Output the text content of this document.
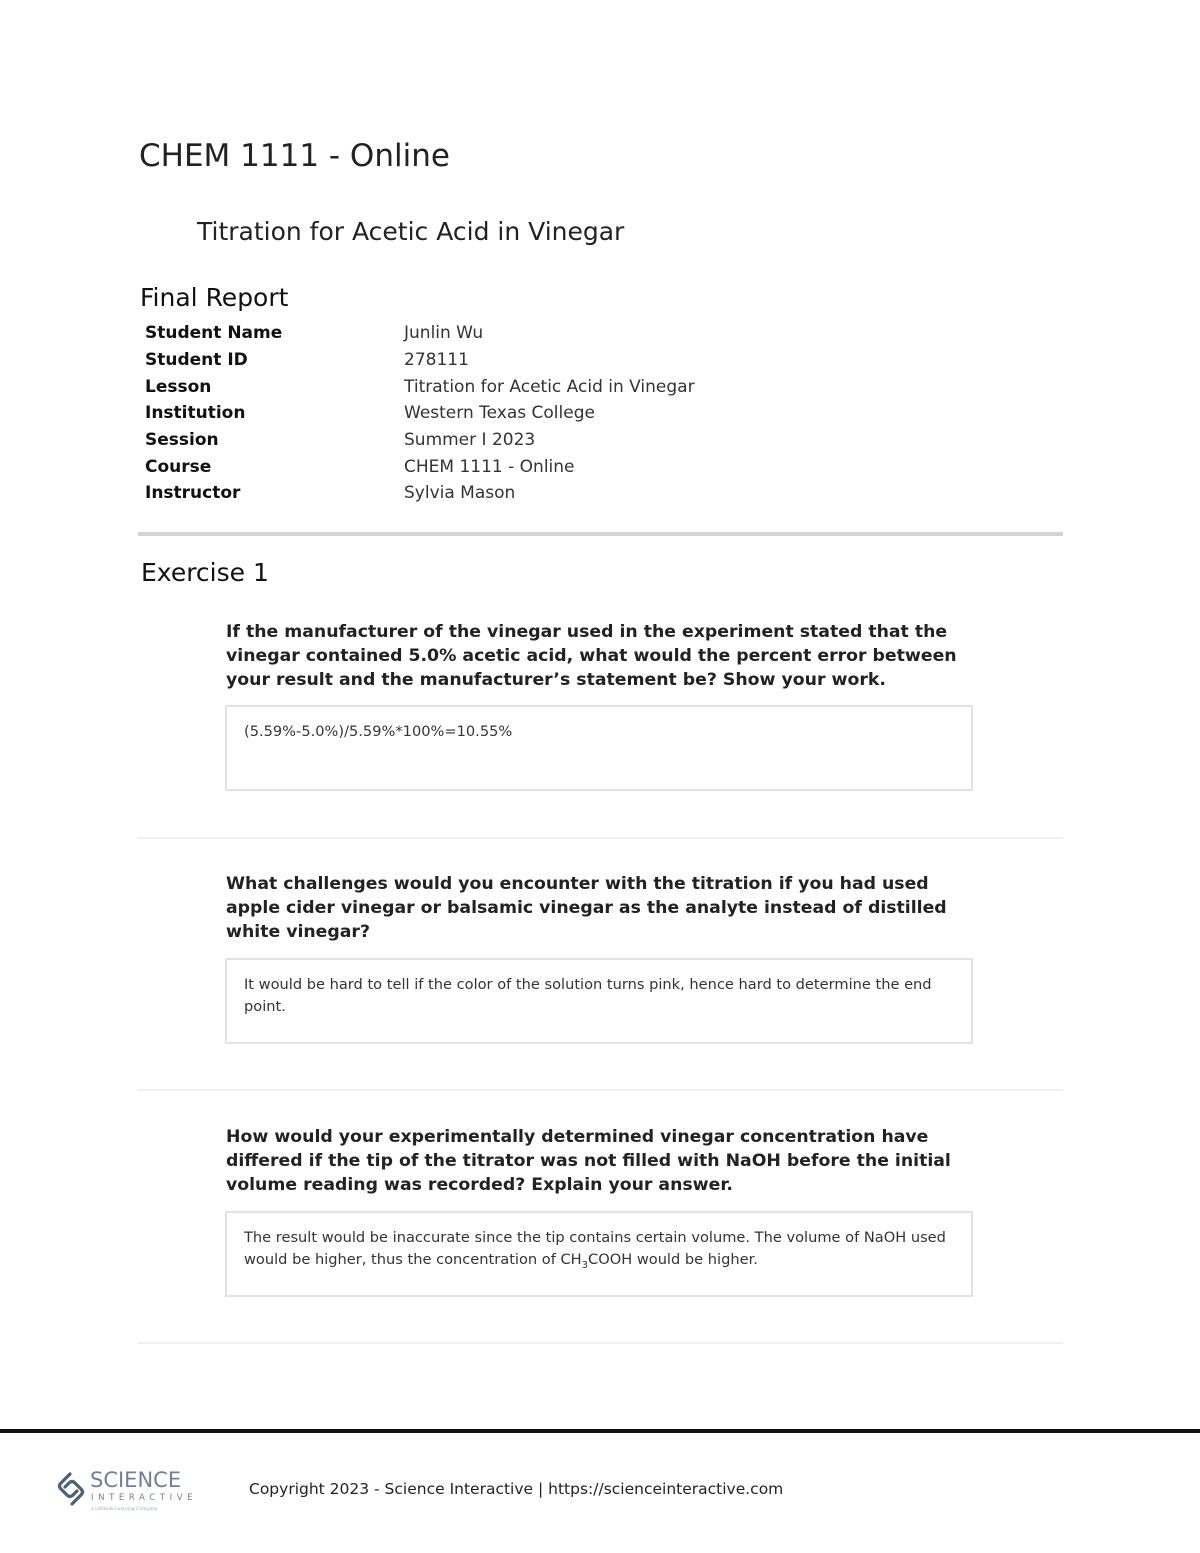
CHEM 1111 - Online
Titration for Acetic Acid in Vinegar
Final Report
Student Name	Junlin Wu
Student ID	278111
Lesson	Titration for Acetic Acid in Vinegar
Institution	Western Texas College
Session	Summer I 2023
Course	CHEM 1111 - Online
Instructor	Sylvia Mason
Exercise 1
If the manufacturer of the vinegar used in the experiment stated that the vinegar contained 5.0% acetic acid, what would the percent error between your result and the manufacturer’s statement be? Show your work.
(5.59%-5.0%)/5.59%*100%=10.55%
What challenges would you encounter with the titration if you had used apple cider vinegar or balsamic vinegar as the analyte instead of distilled white vinegar?
It would be hard to tell if the color of the solution turns pink, hence hard to determine the end point.
How would your experimentally determined vinegar concentration have differed if the tip of the titrator was not filled with NaOH before the initial volume reading was recorded? Explain your answer.
The result would be inaccurate since the tip contains certain volume. The volume of NaOH used would be higher, thus the concentration of $CH_3COOH$ would be higher.
SCIENCE
INTERACTIVE
a Latitude Learning Company
Copyright 2023 - Science Interactive | https://scienceinteractive.com
